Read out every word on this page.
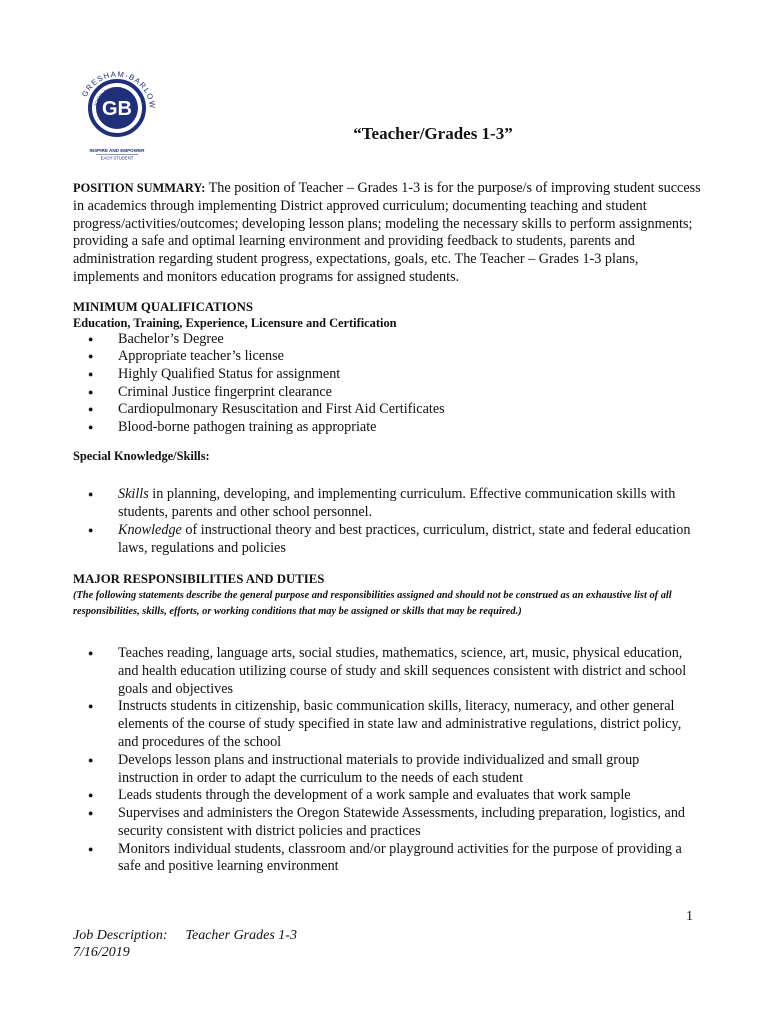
GB
GRESHAM-BARLOW
SCHOOL DISTRICT
INSPIRE AND EMPOWER
EACH STUDENT
“Teacher/Grades 1-3”

POSITION SUMMARY: The position of Teacher – Grades 1-3 is for the purpose/s of improving student success in academics through implementing District approved curriculum; documenting teaching and student progress/activities/outcomes; developing lesson plans; modeling the necessary skills to perform assignments; providing a safe and optimal learning environment and providing feedback to students, parents and administration regarding student progress, expectations, goals, etc. The Teacher – Grades 1-3 plans, implements and monitors education programs for assigned students.

MINIMUM QUALIFICATIONS
Education, Training, Experience, Licensure and Certification
● Bachelor’s Degree
● Appropriate teacher’s license
● Highly Qualified Status for assignment
● Criminal Justice fingerprint clearance
● Cardiopulmonary Resuscitation and First Aid Certificates
● Blood-borne pathogen training as appropriate
Special Knowledge/Skills:
● Skills in planning, developing, and implementing curriculum. Effective communication skills with students, parents and other school personnel.
● Knowledge of instructional theory and best practices, curriculum, district, state and federal education laws, regulations and policies
MAJOR RESPONSIBILITIES AND DUTIES
(The following statements describe the general purpose and responsibilities assigned and should not be construed as an exhaustive list of all responsibilities, skills, efforts, or working conditions that may be assigned or skills that may be required.)
● Teaches reading, language arts, social studies, mathematics, science, art, music, physical education, and health education utilizing course of study and skill sequences consistent with district and school goals and objectives
● Instructs students in citizenship, basic communication skills, literacy, numeracy, and other general elements of the course of study specified in state law and administrative regulations, district policy, and procedures of the school
● Develops lesson plans and instructional materials to provide individualized and small group instruction in order to adapt the curriculum to the needs of each student
● Leads students through the development of a work sample and evaluates that work sample
● Supervises and administers the Oregon Statewide Assessments, including preparation, logistics, and security consistent with district policies and practices
● Monitors individual students, classroom and/or playground activities for the purpose of providing a safe and positive learning environment
1
Job Description: Teacher Grades 1-3
7/16/2019
